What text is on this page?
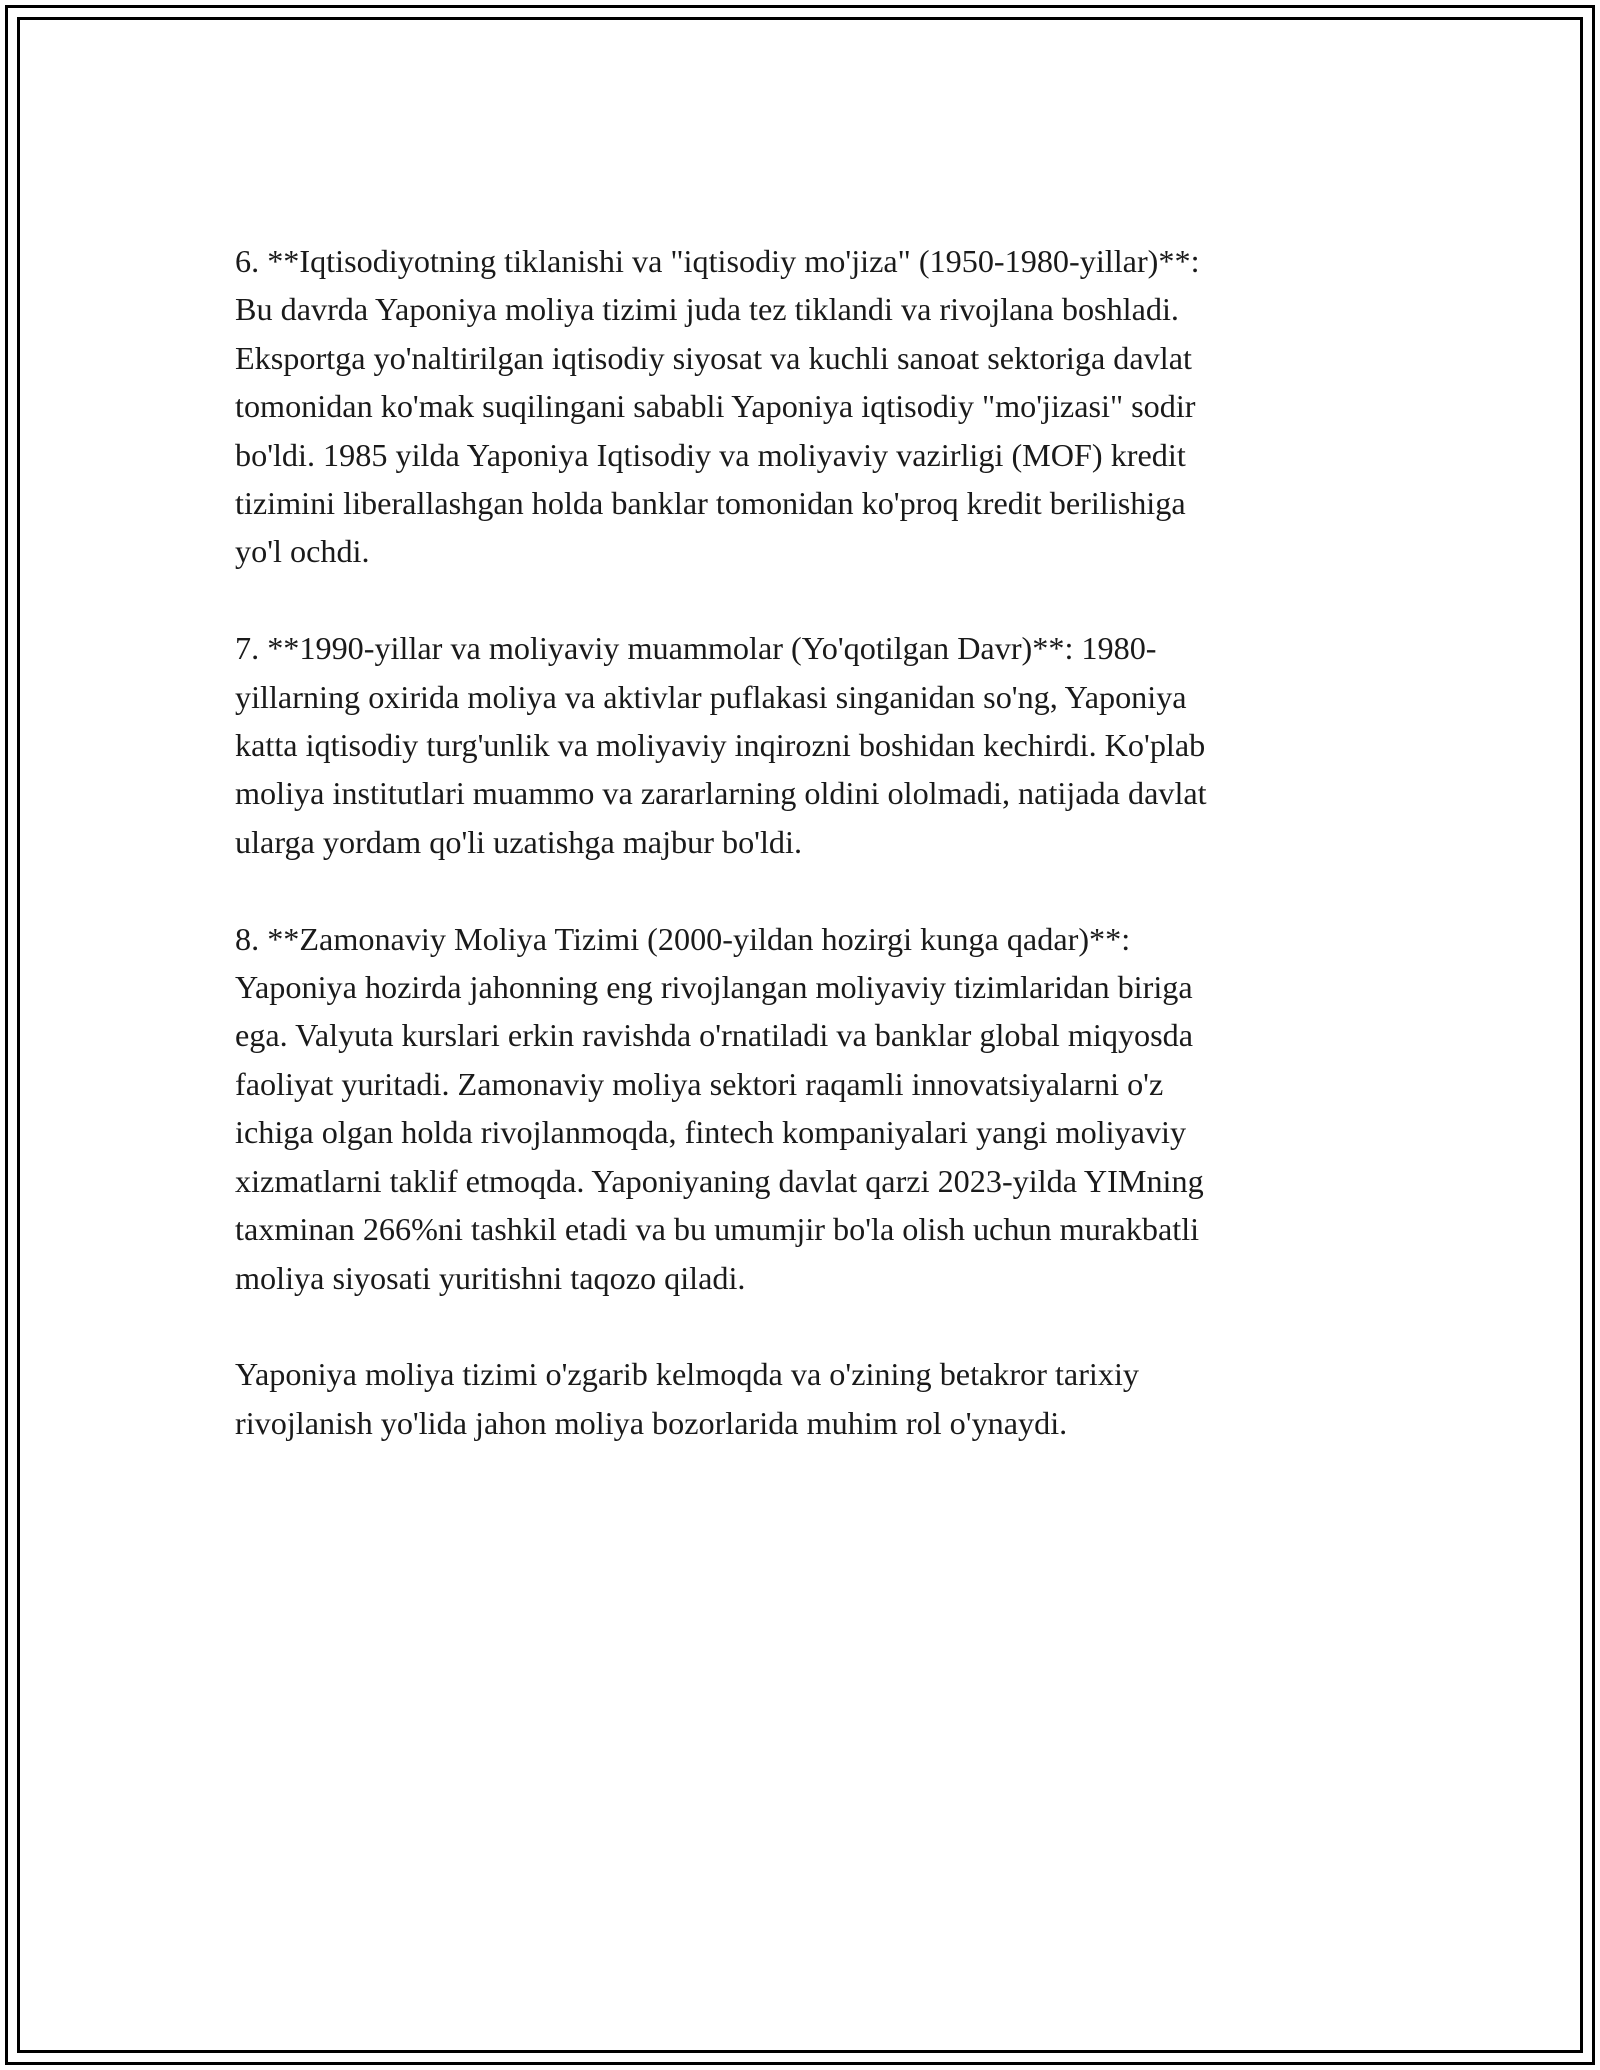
6. **Iqtisodiyotning tiklanishi va "iqtisodiy mo'jiza" (1950-1980-yillar)**:
Bu davrda Yaponiya moliya tizimi juda tez tiklandi va rivojlana boshladi.
Eksportga yo'naltirilgan iqtisodiy siyosat va kuchli sanoat sektoriga davlat
tomonidan ko'mak suqilingani sababli Yaponiya iqtisodiy "mo'jizasi" sodir
bo'ldi. 1985 yilda Yaponiya Iqtisodiy va moliyaviy vazirligi (MOF) kredit
tizimini liberallashgan holda banklar tomonidan ko'proq kredit berilishiga
yo'l ochdi.

7. **1990-yillar va moliyaviy muammolar (Yo'qotilgan Davr)**: 1980-
yillarning oxirida moliya va aktivlar puflakasi singanidan so'ng, Yaponiya
katta iqtisodiy turg'unlik va moliyaviy inqirozni boshidan kechirdi. Ko'plab
moliya institutlari muammo va zararlarning oldini ololmadi, natijada davlat
ularga yordam qo'li uzatishga majbur bo'ldi.

8. **Zamonaviy Moliya Tizimi (2000-yildan hozirgi kunga qadar)**:
Yaponiya hozirda jahonning eng rivojlangan moliyaviy tizimlaridan biriga
ega. Valyuta kurslari erkin ravishda o'rnatiladi va banklar global miqyosda
faoliyat yuritadi. Zamonaviy moliya sektori raqamli innovatsiyalarni o'z
ichiga olgan holda rivojlanmoqda, fintech kompaniyalari yangi moliyaviy
xizmatlarni taklif etmoqda. Yaponiyaning davlat qarzi 2023-yilda YIMning
taxminan 266%ni tashkil etadi va bu umumjir bo'la olish uchun murakbatli
moliya siyosati yuritishni taqozo qiladi.

Yaponiya moliya tizimi o'zgarib kelmoqda va o'zining betakror tarixiy
rivojlanish yo'lida jahon moliya bozorlarida muhim rol o'ynaydi.
